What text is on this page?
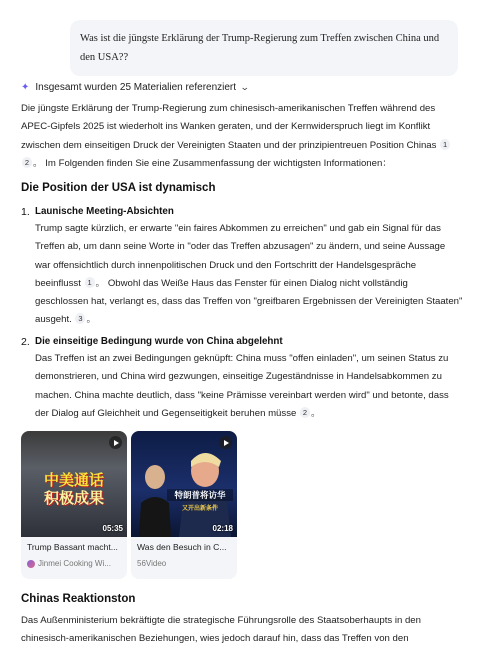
Was ist die jüngste Erklärung der Trump-Regierung zum Treffen zwischen China und den USA??
✦ Insgesamt wurden 25 Materialien referenziert ⌄
Die jüngste Erklärung der Trump-Regierung zum chinesisch-amerikanischen Treffen während des APEC-Gipfels 2025 ist wiederholt ins Wanken geraten, und der Kernwiderspruch liegt im Konflikt zwischen dem einseitigen Druck der Vereinigten Staaten und der prinzipientreuen Position Chinas 1 2 。 Im Folgenden finden Sie eine Zusammenfassung der wichtigsten Informationen：
Die Position der USA ist dynamisch
1. Launische Meeting-Absichten
Trump sagte kürzlich, er erwarte "ein faires Abkommen zu erreichen" und gab ein Signal für das Treffen ab, um dann seine Worte in "oder das Treffen abzusagen" zu ändern, und seine Aussage war offensichtlich durch innenpolitischen Druck und den Fortschritt der Handelsgespräche beeinflusst 1 。 Obwohl das Weiße Haus das Fenster für einen Dialog nicht vollständig geschlossen hat, verlangt es, dass das Treffen von "greifbaren Ergebnissen der Vereinigten Staaten" ausgeht. 3 。
2. Die einseitige Bedingung wurde von China abgelehnt
Das Treffen ist an zwei Bedingungen geknüpft: China muss "offen einladen", um seinen Status zu demonstrieren, und China wird gezwungen, einseitige Zugeständnisse in Handelsabkommen zu machen. China machte deutlich, dass "keine Prämisse vereinbart werden wird" und betonte, dass der Dialog auf Gleichheit und Gegenseitigkeit beruhen müsse 2 。
中美通话
积极成果
05:35
Trump Bassant macht...
Jinmei Cooking Wi...
特朗普将访华
又开出新条件
02:18
Was den Besuch in C...
56Video
Chinas Reaktionston
Das Außenministerium bekräftigte die strategische Führungsrolle des Staatsoberhaupts in den chinesisch-amerikanischen Beziehungen, wies jedoch darauf hin, dass das Treffen von den
